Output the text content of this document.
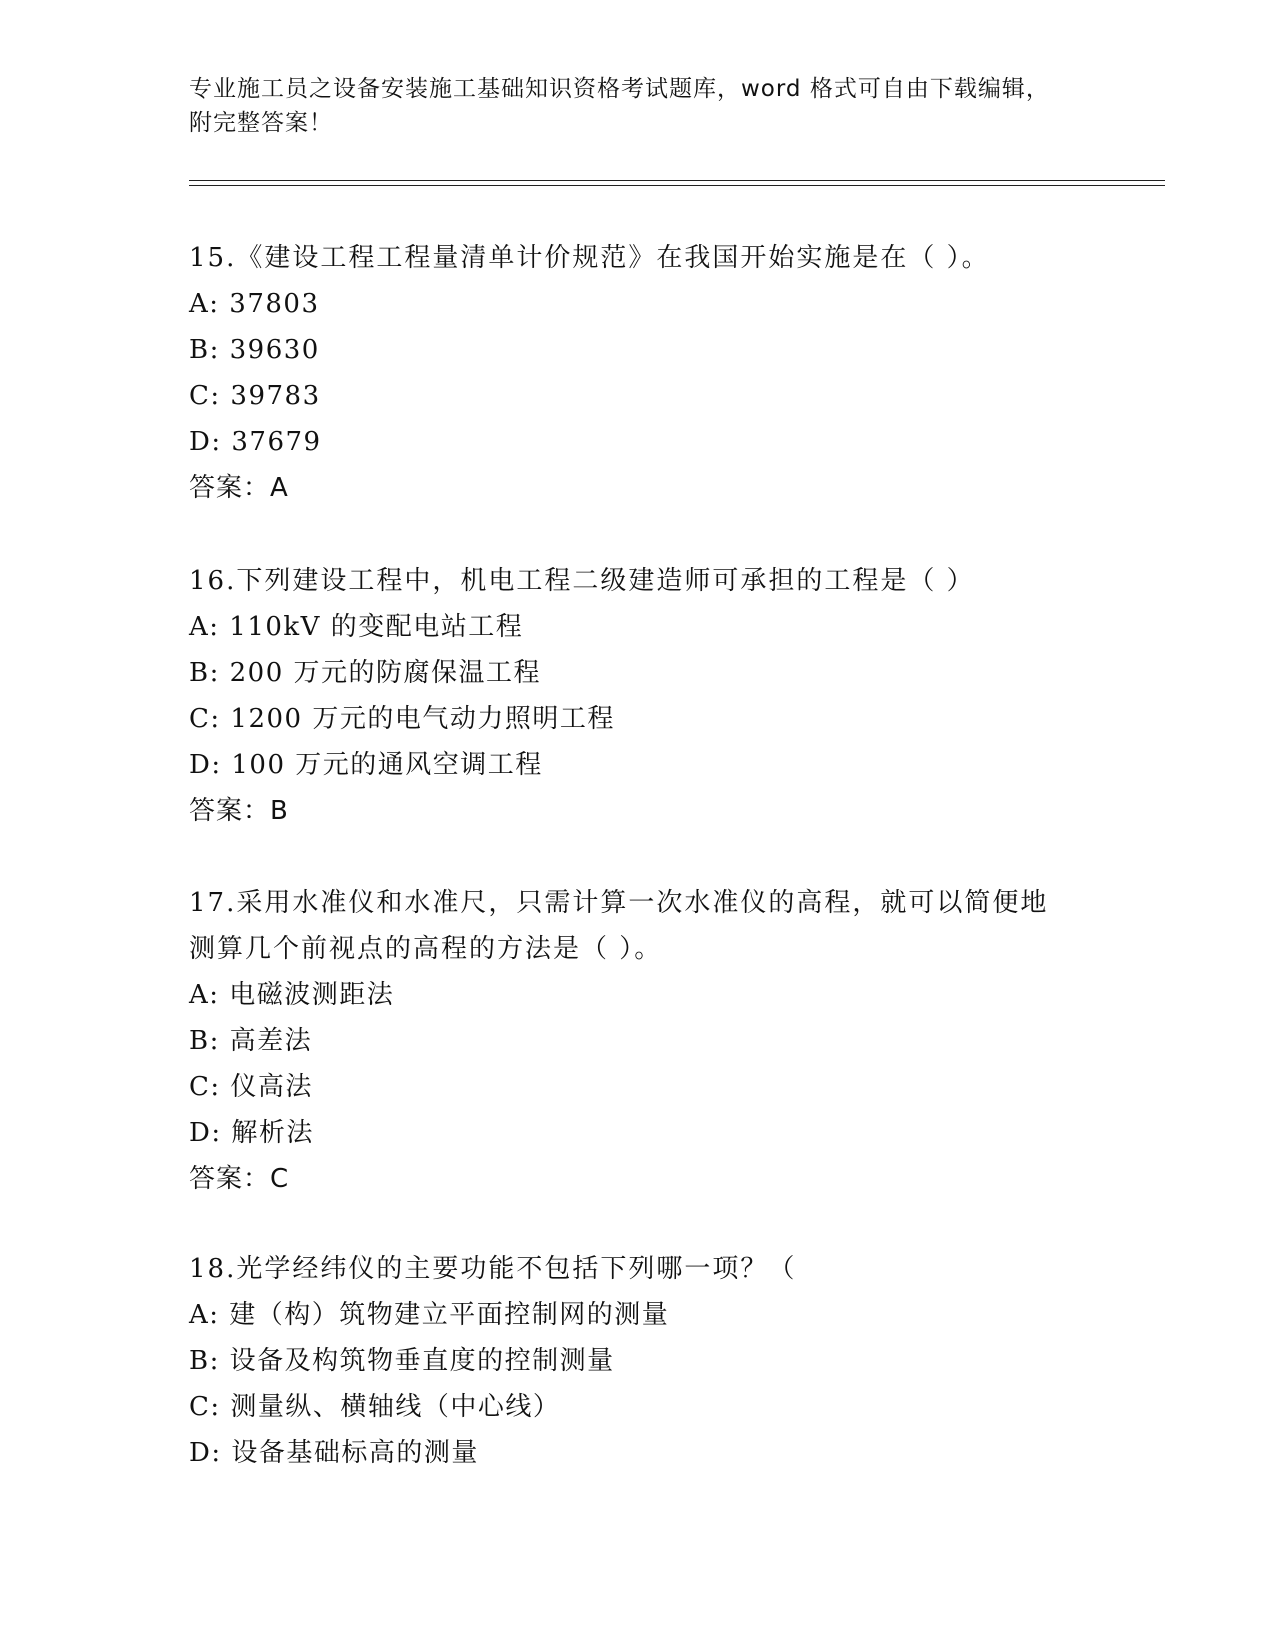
专业施工员之设备安装施工基础知识资格考试题库，word 格式可自由下载编辑，
附完整答案！

15.《建设工程工程量清单计价规范》在我国开始实施是在（ ）。

A: 37803
B: 39630
C: 39783
D: 37679
答案：A

16.下列建设工程中，机电工程二级建造师可承担的工程是（ ）

A: 110kV 的变配电站工程
B: 200 万元的防腐保温工程
C: 1200 万元的电气动力照明工程
D: 100 万元的通风空调工程
答案：B

17.采用水准仪和水准尺，只需计算一次水准仪的高程，就可以简便地

测算几个前视点的高程的方法是（ ）。

A: 电磁波测距法
B: 高差法
C: 仪高法
D: 解析法
答案：C

18.光学经纬仪的主要功能不包括下列哪一项？（

A: 建（构）筑物建立平面控制网的测量
B: 设备及构筑物垂直度的控制测量
C: 测量纵、横轴线（中心线）
D: 设备基础标高的测量
